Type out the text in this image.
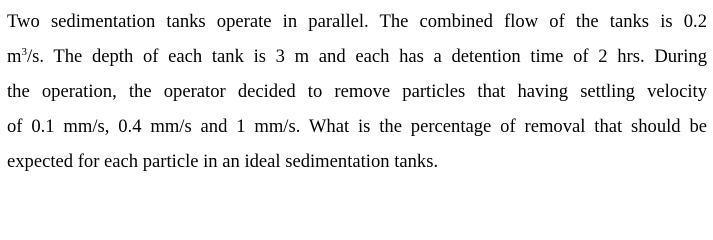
Two sedimentation tanks operate in parallel. The combined flow of the tanks is 0.2
$m^3/s$. The depth of each tank is 3 m and each has a detention time of 2 hrs. During
the operation, the operator decided to remove particles that having settling velocity
of 0.1 mm/s, 0.4 mm/s and 1 mm/s. What is the percentage of removal that should be
expected for each particle in an ideal sedimentation tanks.
